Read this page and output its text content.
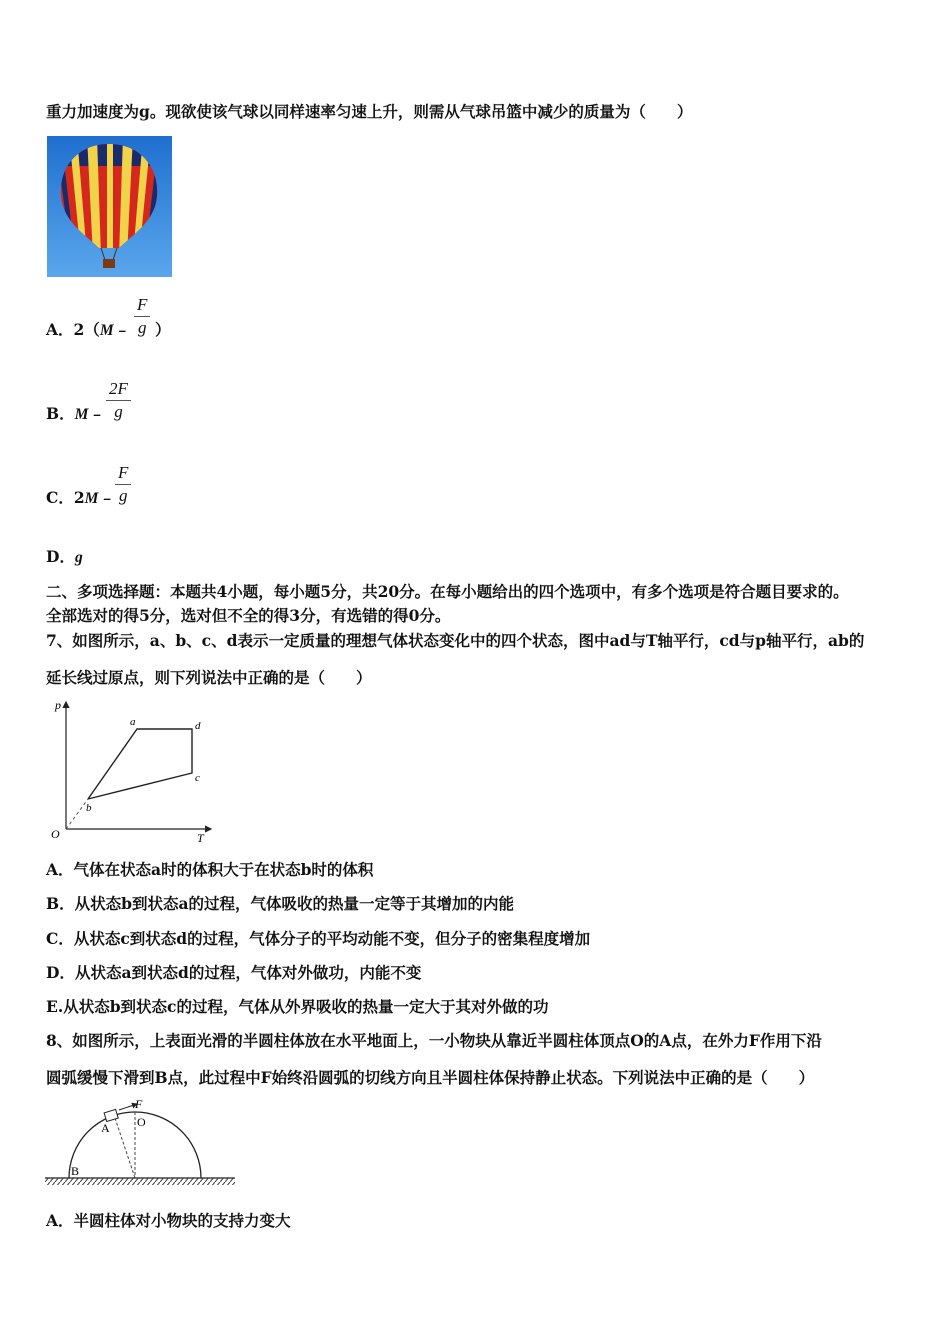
重力加速度为g。现欲使该气球以同样速率匀速上升，则需从气球吊篮中减少的质量为（　　）
A．2（M﹣ $\frac{F}{g}$ ）
B．M﹣ $\frac{2F}{g}$
C．2M﹣ $\frac{F}{g}$
D．g
二、多项选择题：本题共4小题，每小题5分，共20分。在每小题给出的四个选项中，有多个选项是符合题目要求的。
全部选对的得5分，选对但不全的得3分，有选错的得0分。
7、如图所示，a、b、c、d表示一定质量的理想气体状态变化中的四个状态，图中ad与T轴平行，cd与p轴平行，ab的
延长线过原点，则下列说法中正确的是（　　）
p
T
O
a
b
c
d
A．气体在状态a时的体积大于在状态b时的体积
B．从状态b到状态a的过程，气体吸收的热量一定等于其增加的内能
C．从状态c到状态d的过程，气体分子的平均动能不变，但分子的密集程度增加
D．从状态a到状态d的过程，气体对外做功，内能不变
E.从状态b到状态c的过程，气体从外界吸收的热量一定大于其对外做的功
8、如图所示，上表面光滑的半圆柱体放在水平地面上，一小物块从靠近半圆柱体顶点O的A点，在外力F作用下沿
圆弧缓慢下滑到B点，此过程中F始终沿圆弧的切线方向且半圆柱体保持静止状态。下列说法中正确的是（　　）
F
A O
B
A．半圆柱体对小物块的支持力变大
